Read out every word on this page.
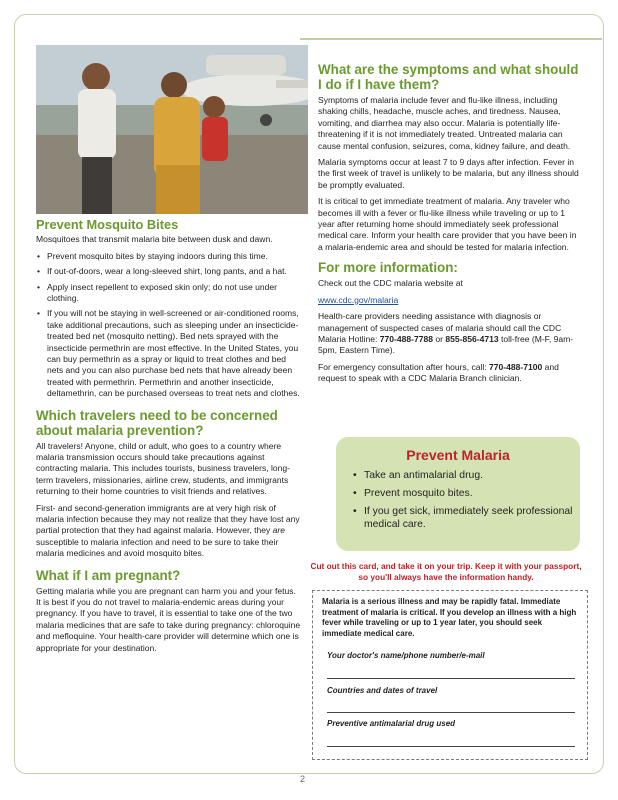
Prevent Mosquito Bites

Mosquitoes that transmit malaria bite between dusk and dawn.

• Prevent mosquito bites by staying indoors during this time.
• If out-of-doors, wear a long-sleeved shirt, long pants, and a hat.
• Apply insect repellent to exposed skin only; do not use under clothing.
• If you will not be staying in well-screened or air-conditioned rooms, take additional precautions, such as sleeping under an insecticide-treated bed net (mosquito netting). Bed nets sprayed with the insecticide permethrin are most effective. In the United States, you can buy permethrin as a spray or liquid to treat clothes and bed nets and you can also purchase bed nets that have already been treated with permethrin. Permethrin and another insecticide, deltamethrin, can be purchased overseas to treat nets and clothes.
Which travelers need to be concerned about malaria prevention?

All travelers! Anyone, child or adult, who goes to a country where malaria transmission occurs should take precautions against contracting malaria. This includes tourists, business travelers, long-term travelers, missionaries, airline crew, students, and immigrants returning to their home countries to visit friends and relatives.

First- and second-generation immigrants are at very high risk of malaria infection because they may not realize that they have lost any partial protection that they had against malaria. However, they are susceptible to malaria infection and need to be sure to take their malaria medicines and avoid mosquito bites.

What if I am pregnant?

Getting malaria while you are pregnant can harm you and your fetus. It is best if you do not travel to malaria-endemic areas during your pregnancy. If you have to travel, it is essential to take one of the two malaria medicines that are safe to take during pregnancy: chloroquine and mefloquine. Your health-care provider will determine which one is appropriate for your destination.

What are the symptoms and what should I do if I have them?

Symptoms of malaria include fever and flu-like illness, including shaking chills, headache, muscle aches, and tiredness. Nausea, vomiting, and diarrhea may also occur. Malaria is potentially life-threatening if it is not immediately treated. Untreated malaria can cause mental confusion, seizures, coma, kidney failure, and death.

Malaria symptoms occur at least 7 to 9 days after infection. Fever in the first week of travel is unlikely to be malaria, but any illness should be promptly evaluated.

It is critical to get immediate treatment of malaria. Any traveler who becomes ill with a fever or flu-like illness while traveling or up to 1 year after returning home should immediately seek professional medical care. Inform your health care provider that you have been in a malaria-endemic area and should be tested for malaria infection.

For more information:

Check out the CDC malaria website at

www.cdc.gov/malaria

Health-care providers needing assistance with diagnosis or management of suspected cases of malaria should call the CDC Malaria Hotline: 770-488-7788 or 855-856-4713 toll-free (M-F, 9am-5pm, Eastern Time).

For emergency consultation after hours, call: 770-488-7100 and request to speak with a CDC Malaria Branch clinician.

Prevent Malaria
• Take an antimalarial drug.
• Prevent mosquito bites.
• If you get sick, immediately seek professional medical care.
Cut out this card, and take it on your trip. Keep it with your passport, so you'll always have the information handy.
Malaria is a serious illness and may be rapidly fatal. Immediate treatment of malaria is critical. If you develop an illness with a high fever while traveling or up to 1 year later, you should seek immediate medical care.
Your doctor's name/phone number/e-mail
Countries and dates of travel
Preventive antimalarial drug used
2
